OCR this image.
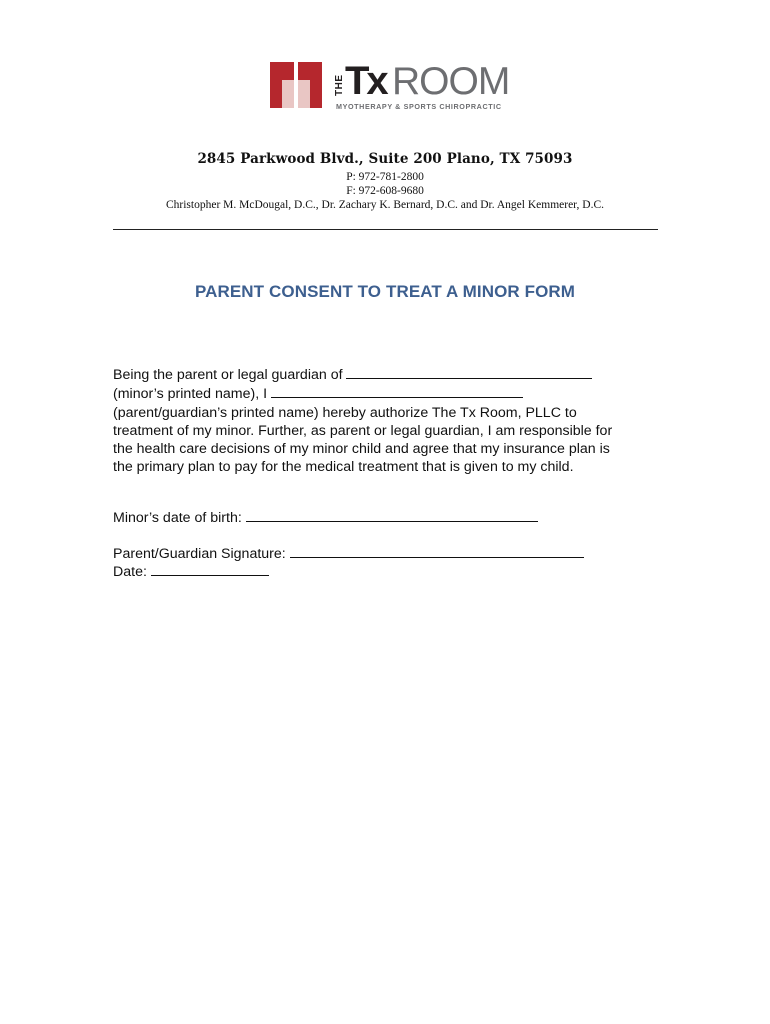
THE Tx ROOM
MYOTHERAPY & SPORTS CHIROPRACTIC
2845 Parkwood Blvd., Suite 200 Plano, TX 75093
P: 972-781-2800
F: 972-608-9680
Christopher M. McDougal, D.C., Dr. Zachary K. Bernard, D.C. and Dr. Angel Kemmerer, D.C.
PARENT CONSENT TO TREAT A MINOR FORM
Being the parent or legal guardian of
(minor’s printed name), I
(parent/guardian’s printed name) hereby authorize The Tx Room, PLLC to
treatment of my minor. Further, as parent or legal guardian, I am responsible for
the health care decisions of my minor child and agree that my insurance plan is
the primary plan to pay for the medical treatment that is given to my child.
Minor’s date of birth:
Parent/Guardian Signature:
Date:
